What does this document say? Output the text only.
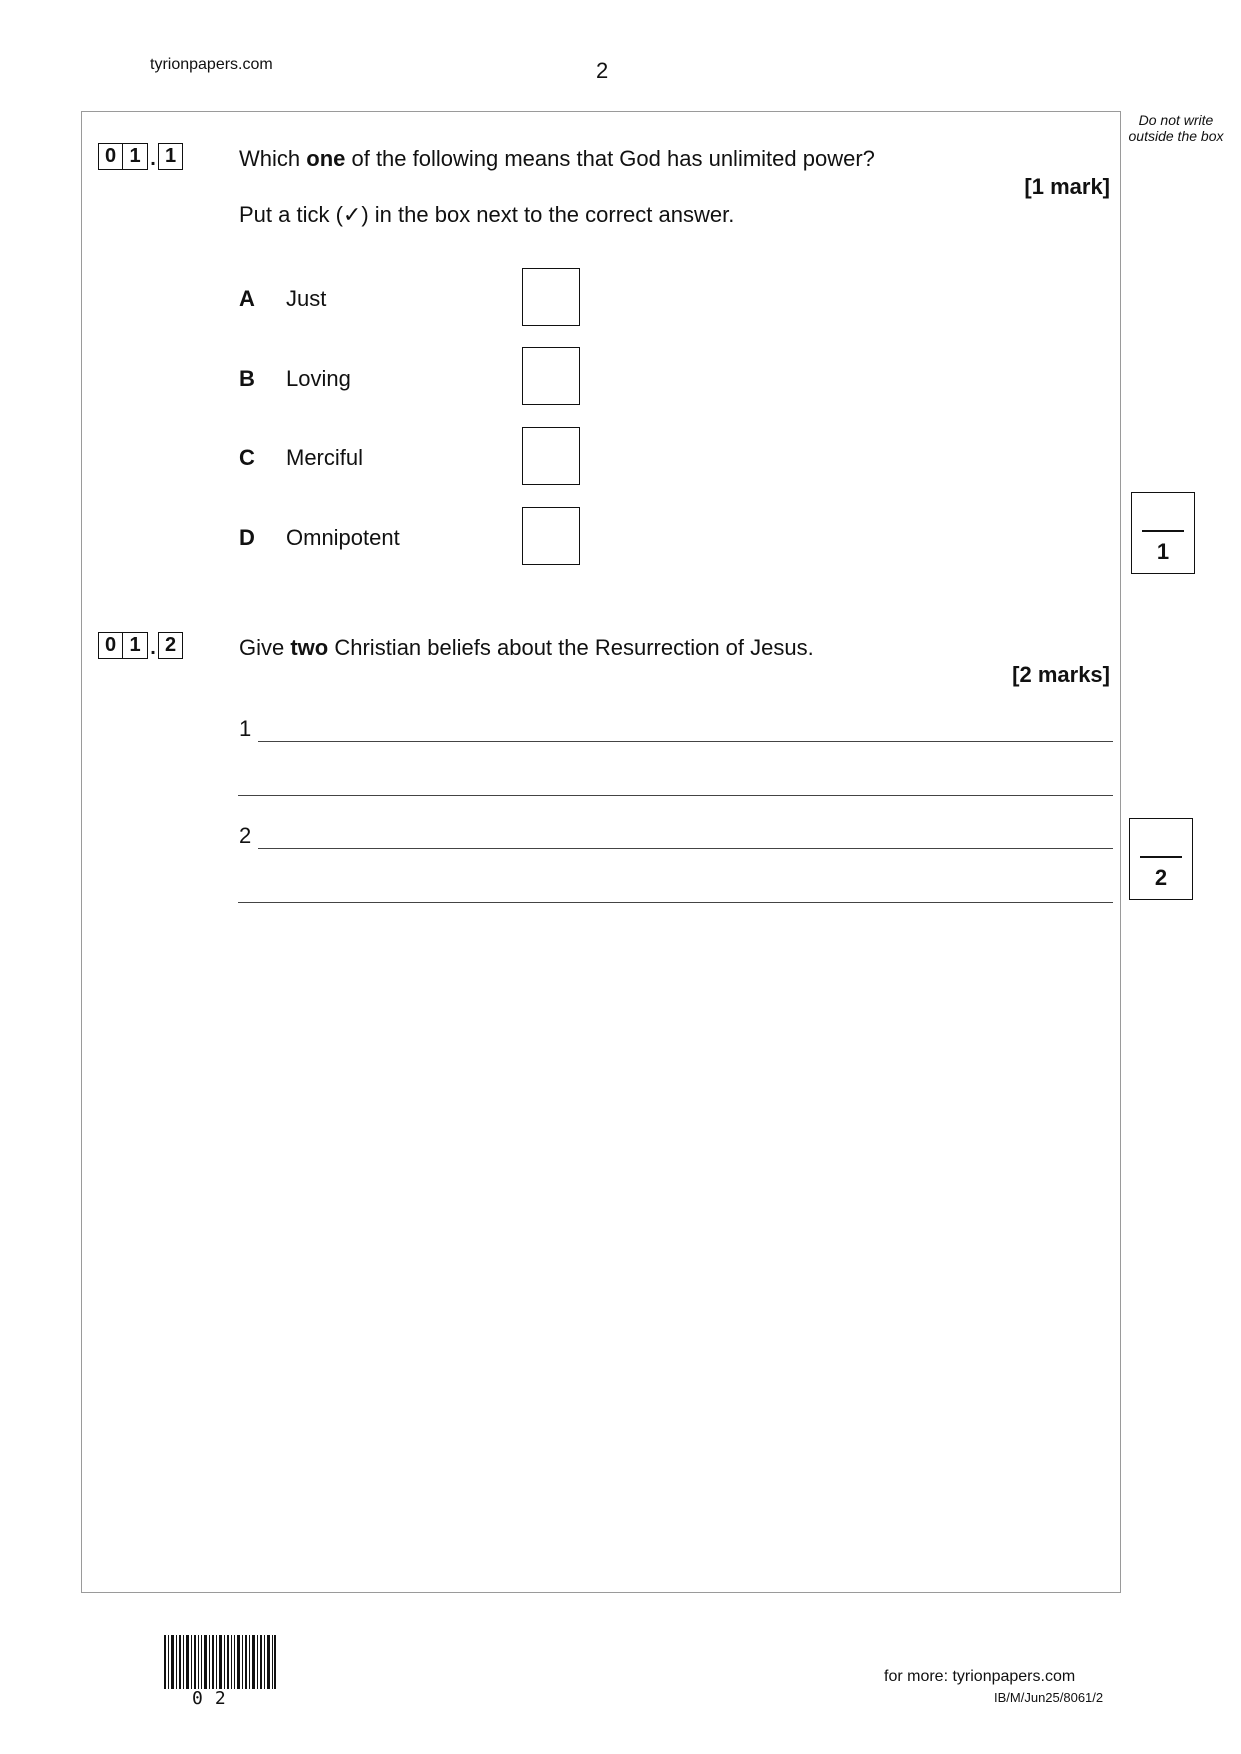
tyrionpapers.com	2
Do not write outside the box
0 1 . 1	Which one of the following means that God has unlimited power?
[1 mark]
Put a tick (✓) in the box next to the correct answer.
A Just
B Loving
C Merciful
D Omnipotent
1
0 1 . 2	Give two Christian beliefs about the Resurrection of Jesus.
[2 marks]
1
2
2
02
for more: tyrionpapers.com
IB/M/Jun25/8061/2
